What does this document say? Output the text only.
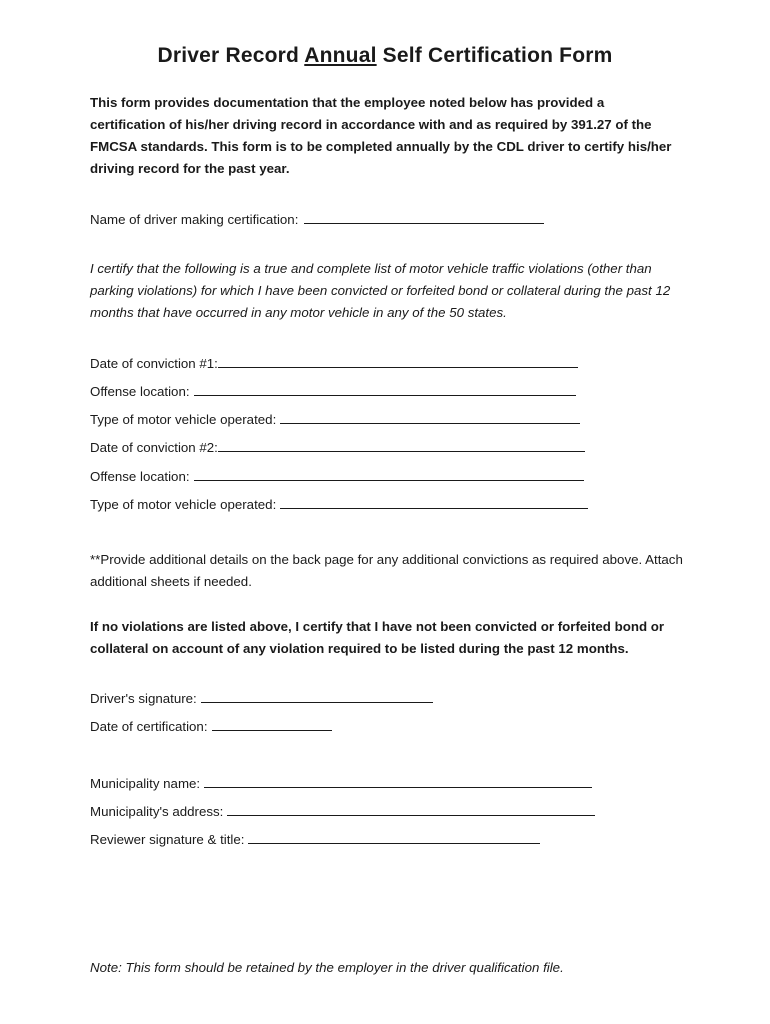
Driver Record Annual Self Certification Form

This form provides documentation that the employee noted below has provided a certification of his/her driving record in accordance with and as required by 391.27 of the FMCSA standards. This form is to be completed annually by the CDL driver to certify his/her driving record for the past year.

Name of driver making certification:

I certify that the following is a true and complete list of motor vehicle traffic violations (other than parking violations) for which I have been convicted or forfeited bond or collateral during the past 12 months that have occurred in any motor vehicle in any of the 50 states.

Date of conviction #1:
Offense location:
Type of motor vehicle operated:
Date of conviction #2:
Offense location:
Type of motor vehicle operated:

**Provide additional details on the back page for any additional convictions as required above. Attach additional sheets if needed.

If no violations are listed above, I certify that I have not been convicted or forfeited bond or collateral on account of any violation required to be listed during the past 12 months.

Driver's signature:
Date of certification:
Municipality name:
Municipality's address:
Reviewer signature & title:

Note: This form should be retained by the employer in the driver qualification file.
